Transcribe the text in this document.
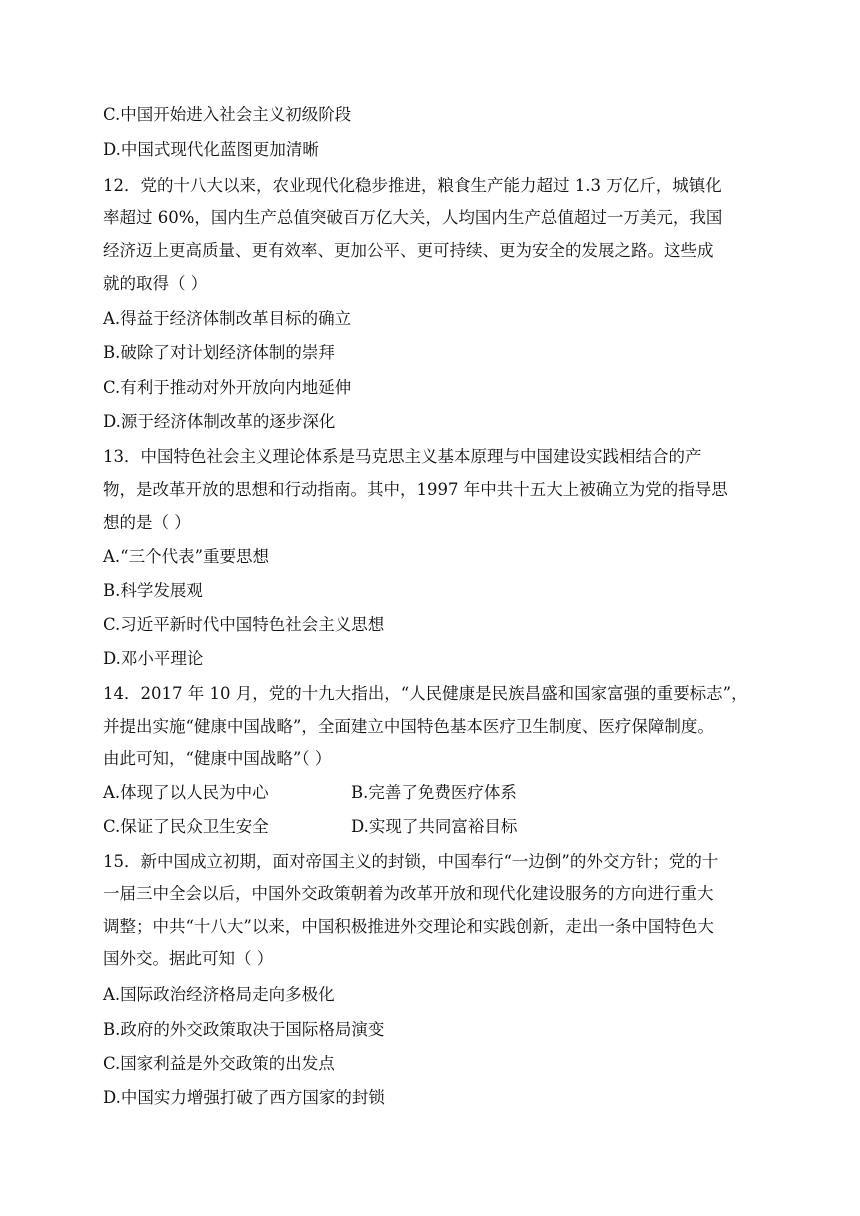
C.中国开始进入社会主义初级阶段
D.中国式现代化蓝图更加清晰
12．党的十八大以来，农业现代化稳步推进，粮食生产能力超过 1.3 万亿斤，城镇化
率超过 60%，国内生产总值突破百万亿大关，人均国内生产总值超过一万美元，我国
经济迈上更高质量、更有效率、更加公平、更可持续、更为安全的发展之路。这些成
就的取得（ ）
A.得益于经济体制改革目标的确立
B.破除了对计划经济体制的崇拜
C.有利于推动对外开放向内地延伸
D.源于经济体制改革的逐步深化
13．中国特色社会主义理论体系是马克思主义基本原理与中国建设实践相结合的产
物，是改革开放的思想和行动指南。其中，1997 年中共十五大上被确立为党的指导思
想的是（ ）
A.“三个代表”重要思想
B.科学发展观
C.习近平新时代中国特色社会主义思想
D.邓小平理论
14．2017 年 10 月，党的十九大指出，“人民健康是民族昌盛和国家富强的重要标志”，
并提出实施“健康中国战略”，全面建立中国特色基本医疗卫生制度、医疗保障制度。
由此可知，“健康中国战略”（ ）
A.体现了以人民为中心	B.完善了免费医疗体系
C.保证了民众卫生安全	D.实现了共同富裕目标
15．新中国成立初期，面对帝国主义的封锁，中国奉行“一边倒”的外交方针；党的十
一届三中全会以后，中国外交政策朝着为改革开放和现代化建设服务的方向进行重大
调整；中共“十八大”以来，中国积极推进外交理论和实践创新，走出一条中国特色大
国外交。据此可知（ ）
A.国际政治经济格局走向多极化
B.政府的外交政策取决于国际格局演变
C.国家利益是外交政策的出发点
D.中国实力增强打破了西方国家的封锁
